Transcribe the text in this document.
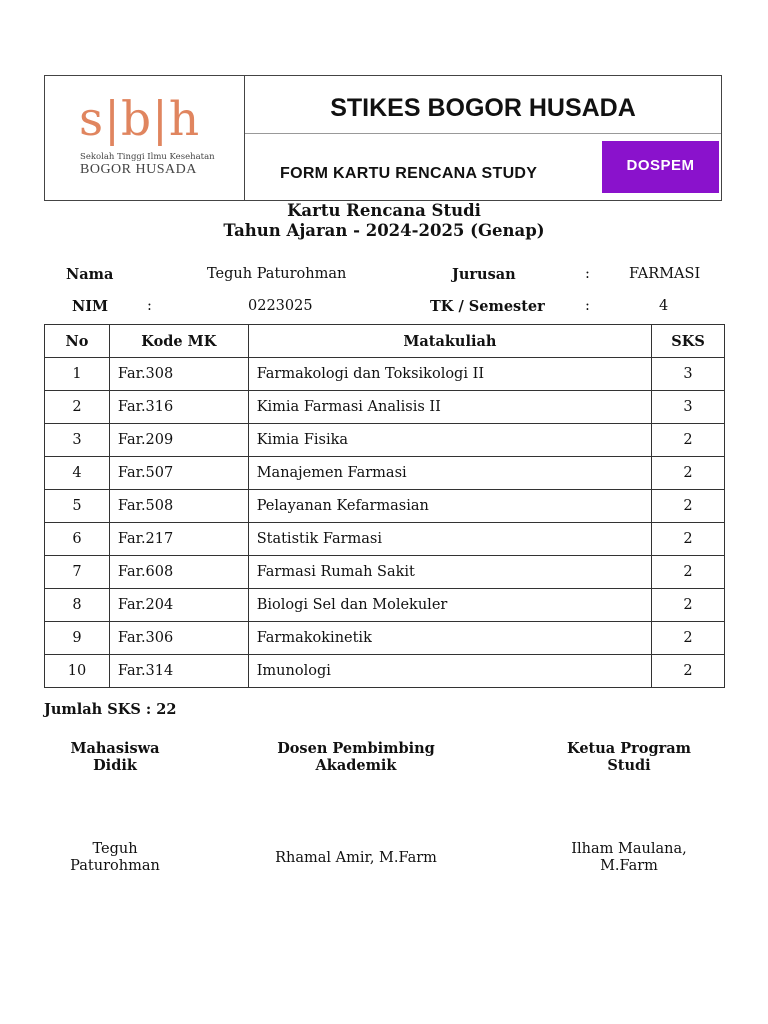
s|b|h
Sekolah Tinggi Ilmu Kesehatan
BOGOR HUSADA
STIKES BOGOR HUSADA
FORM KARTU RENCANA STUDY	DOSPEM
Kartu Rencana Studi
Tahun Ajaran - 2024-2025 (Genap)
Nama	Teguh Paturohman	Jurusan	:	FARMASI
NIM	:	0223025	TK / Semester	:	4
No	Kode MK	Matakuliah	SKS
1	Far.308	Farmakologi dan Toksikologi II	3
2	Far.316	Kimia Farmasi Analisis II	3
3	Far.209	Kimia Fisika	2
4	Far.507	Manajemen Farmasi	2
5	Far.508	Pelayanan Kefarmasian	2
6	Far.217	Statistik Farmasi	2
7	Far.608	Farmasi Rumah Sakit	2
8	Far.204	Biologi Sel dan Molekuler	2
9	Far.306	Farmakokinetik	2
10	Far.314	Imunologi	2
Jumlah SKS : 22
Mahasiswa
Didik
Dosen Pembimbing
Akademik
Ketua Program
Studi
Teguh
Paturohman	Rhamal Amir, M.Farm
Ilham Maulana,
M.Farm
